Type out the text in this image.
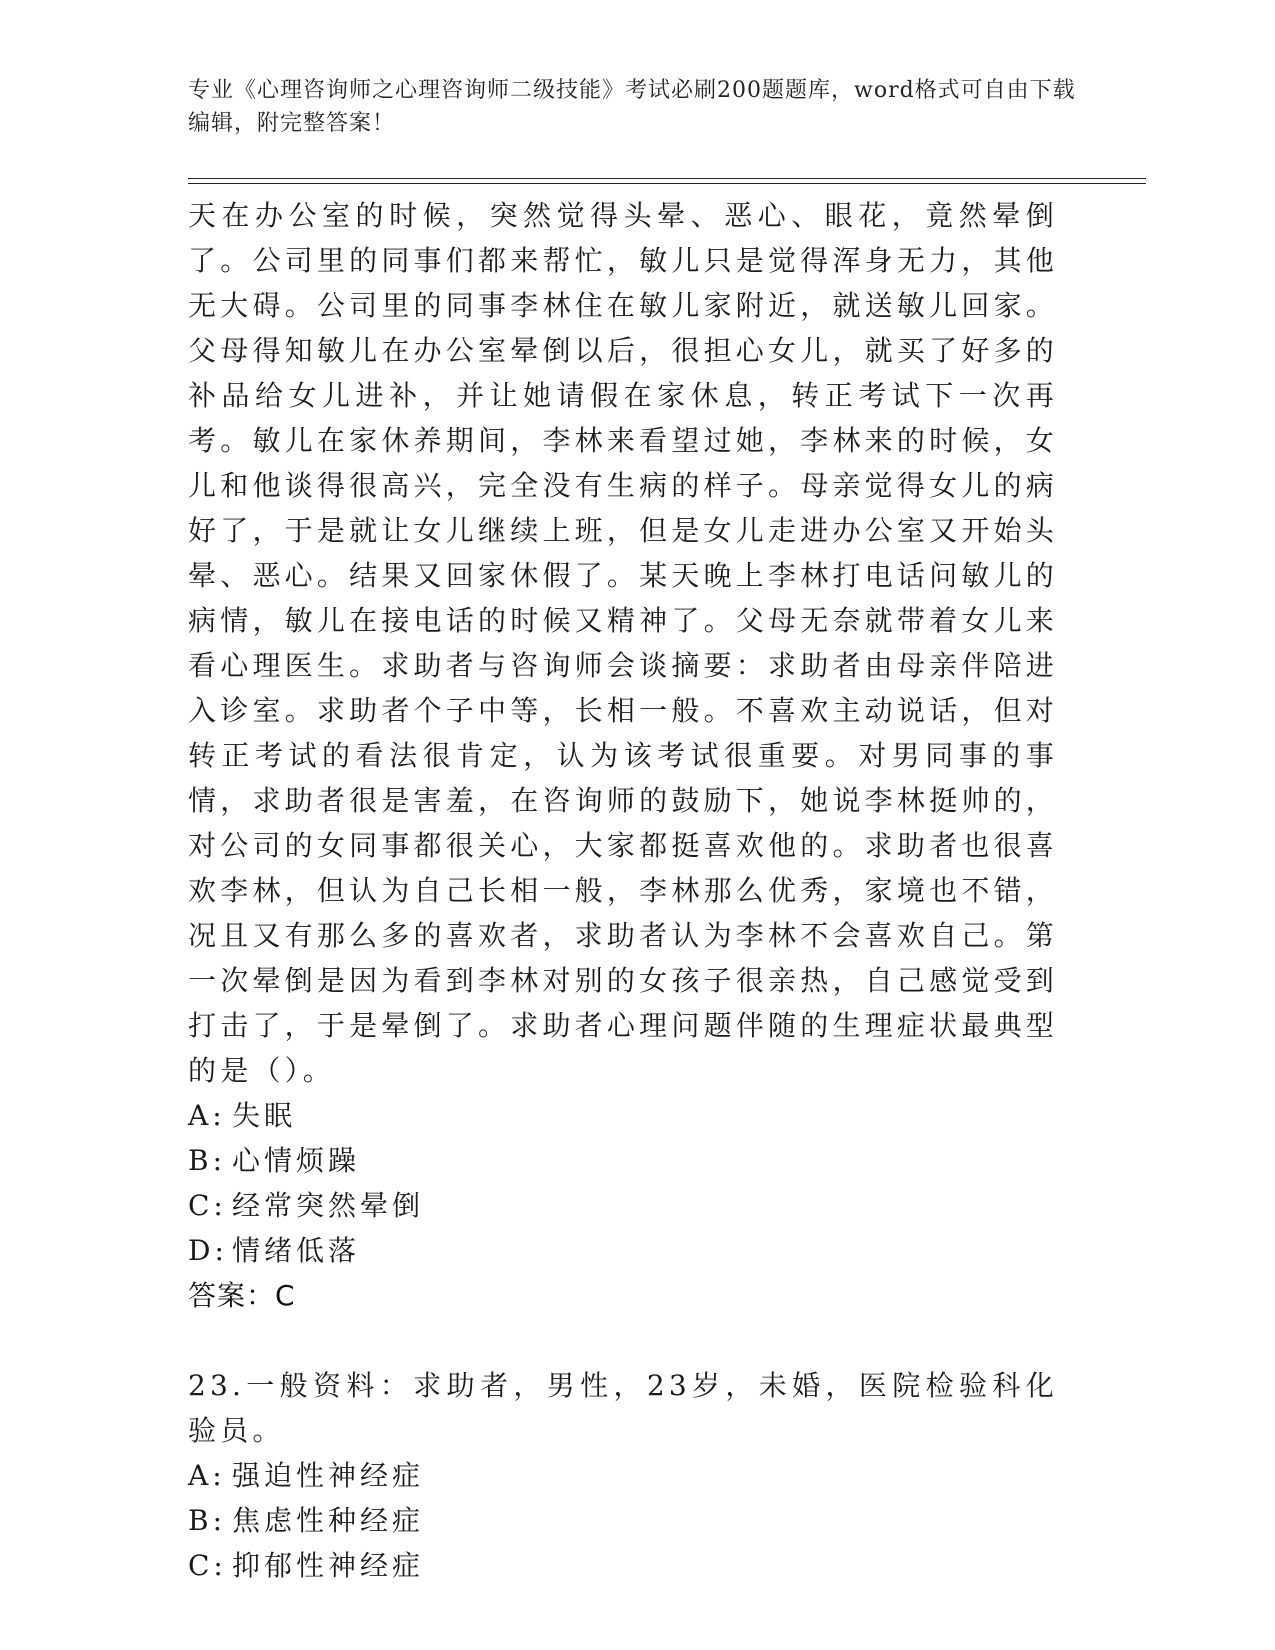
专业《心理咨询师之心理咨询师二级技能》考试必刷200题题库，word格式可自由下载编辑，附完整答案！
天在办公室的时候，突然觉得头晕、恶心、眼花，竟然晕倒了。公司里的同事们都来帮忙，敏儿只是觉得浑身无力，其他无大碍。公司里的同事李林住在敏儿家附近，就送敏儿回家。父母得知敏儿在办公室晕倒以后，很担心女儿，就买了好多的补品给女儿进补，并让她请假在家休息，转正考试下一次再考。敏儿在家休养期间，李林来看望过她，李林来的时候，女儿和他谈得很高兴，完全没有生病的样子。母亲觉得女儿的病好了，于是就让女儿继续上班，但是女儿走进办公室又开始头晕、恶心。结果又回家休假了。某天晚上李林打电话问敏儿的病情，敏儿在接电话的时候又精神了。父母无奈就带着女儿来看心理医生。求助者与咨询师会谈摘要：求助者由母亲伴陪进入诊室。求助者个子中等，长相一般。不喜欢主动说话，但对转正考试的看法很肯定，认为该考试很重要。对男同事的事情，求助者很是害羞，在咨询师的鼓励下，她说李林挺帅的，对公司的女同事都很关心，大家都挺喜欢他的。求助者也很喜欢李林，但认为自己长相一般，李林那么优秀，家境也不错，况且又有那么多的喜欢者，求助者认为李林不会喜欢自己。第一次晕倒是因为看到李林对别的女孩子很亲热，自己感觉受到打击了，于是晕倒了。求助者心理问题伴随的生理症状最典型的是（）。
A: 失眠
B: 心情烦躁
C: 经常突然晕倒
D: 情绪低落
答案：C
23.一般资料：求助者，男性，23岁，未婚，医院检验科化验员。
A: 强迫性神经症
B: 焦虑性种经症
C: 抑郁性神经症
